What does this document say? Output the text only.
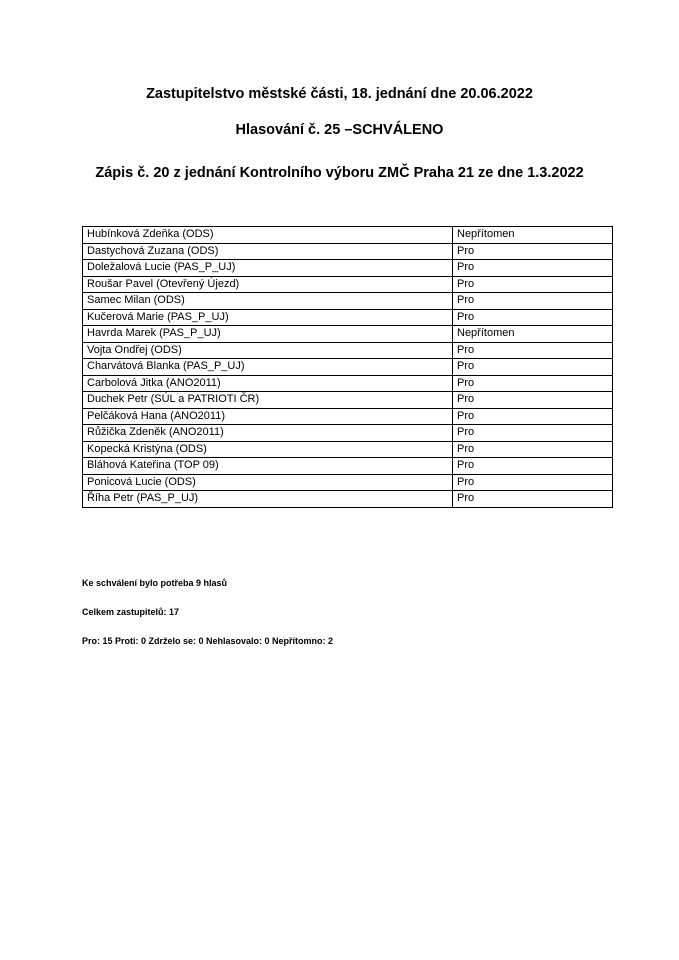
Zastupitelstvo městské části, 18. jednání dne 20.06.2022
Hlasování č. 25 –SCHVÁLENO
Zápis č. 20 z jednání Kontrolního výboru ZMČ Praha 21 ze dne 1.3.2022
Hubínková Zdeňka (ODS)	Nepřítomen
Dastychová Zuzana (ODS)	Pro
Doležalová Lucie (PAS_P_UJ)	Pro
Roušar Pavel (Otevřený Újezd)	Pro
Samec Milan (ODS)	Pro
Kučerová Marie (PAS_P_UJ)	Pro
Havrda Marek (PAS_P_UJ)	Nepřítomen
Vojta Ondřej (ODS)	Pro
Charvátová Blanka (PAS_P_UJ)	Pro
Carbolová Jitka (ANO2011)	Pro
Duchek Petr (SÚL a PATRIOTI ČR)	Pro
Pelčáková Hana (ANO2011)	Pro
Růžička Zdeněk (ANO2011)	Pro
Kopecká Kristýna (ODS)	Pro
Bláhová Kateřina (TOP 09)	Pro
Ponicová Lucie (ODS)	Pro
Říha Petr (PAS_P_UJ)	Pro
Ke schválení bylo potřeba 9 hlasů
Celkem zastupitelů: 17
Pro: 15 Proti: 0 Zdrželo se: 0 Nehlasovalo: 0 Nepřítomno: 2
